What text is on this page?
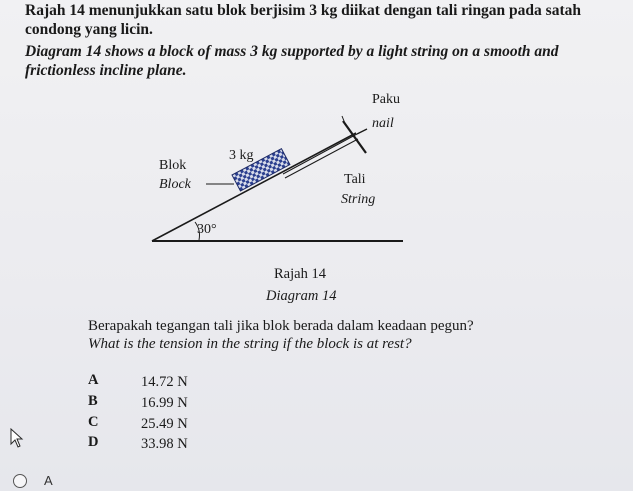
Rajah 14 menunjukkan satu blok berjisim 3 kg diikat dengan tali ringan pada satah
condong yang licin.
Diagram 14 shows a block of mass 3 kg supported by a light string on a smooth and
frictionless incline plane.
Paku
nail
3 kg
Blok
Block	Tali
String
30°
Rajah 14
Diagram 14
Berapakah tegangan tali jika blok berada dalam keadaan pegun?
What is the tension in the string if the block is at rest?
A	14.72 N
B	16.99 N
C	25.49 N
D	33.98 N
A
